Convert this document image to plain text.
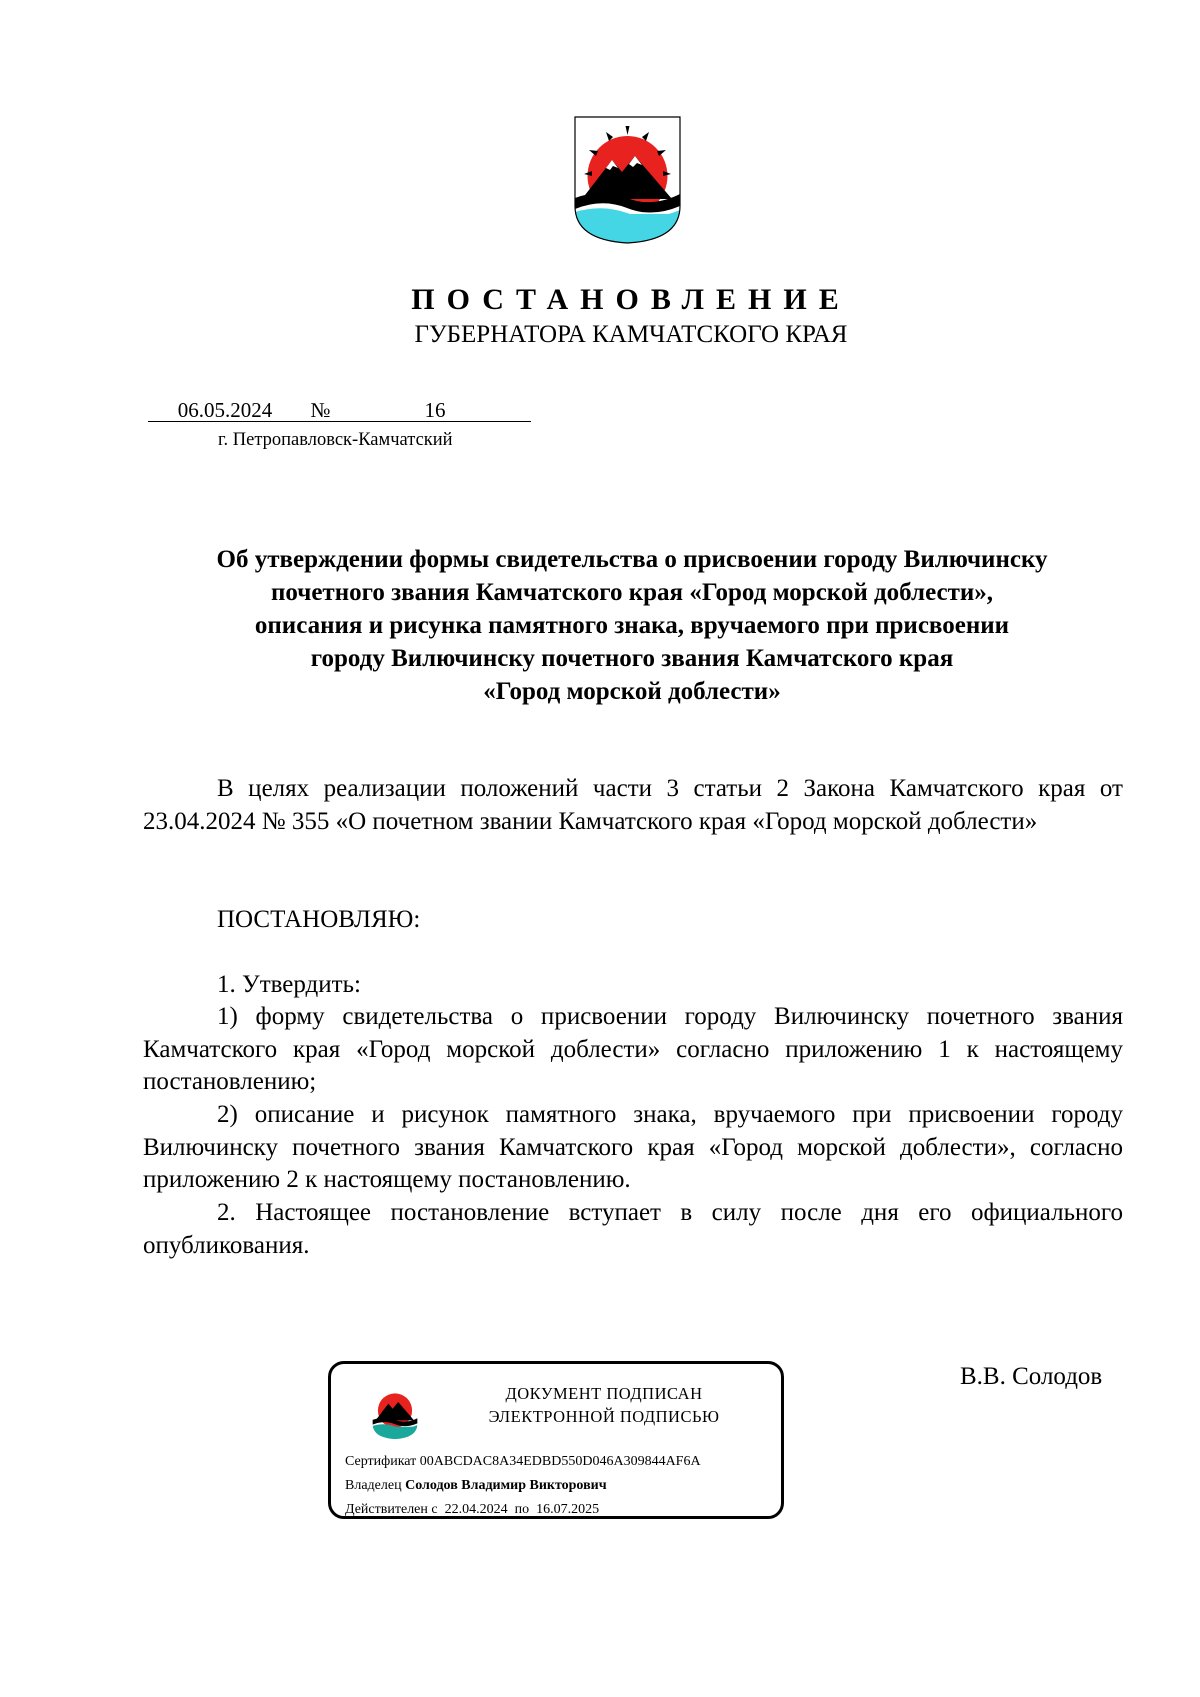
ПОСТАНОВЛЕНИЕ
ГУБЕРНАТОРА КАМЧАТСКОГО КРАЯ
06.05.2024 №	16
г. Петропавловск-Камчатский
Об утверждении формы свидетельства о присвоении городу Вилючинску
почетного звания Камчатского края «Город морской доблести»,
описания и рисунка памятного знака, вручаемого при присвоении
городу Вилючинску почетного звания Камчатского края
«Город морской доблести»
В целях реализации положений части 3 статьи 2 Закона Камчатского края от 23.04.2024 № 355 «О почетном звании Камчатского края «Город морской доблести»
ПОСТАНОВЛЯЮ:
1. Утвердить:
1) форму свидетельства о присвоении городу Вилючинску почетного звания Камчатского края «Город морской доблести» согласно приложению 1 к настоящему постановлению;
2) описание и рисунок памятного знака, вручаемого при присвоении городу Вилючинску почетного звания Камчатского края «Город морской доблести», согласно приложению 2 к настоящему постановлению.
2. Настоящее постановление вступает в силу после дня его официального опубликования.
ДОКУМЕНТ ПОДПИСАН
ЭЛЕКТРОННОЙ ПОДПИСЬЮ
Сертификат 00ABCDAC8A34EDBD550D046A309844AF6A
Владелец Солодов Владимир Викторович
Действителен с 22.04.2024 по 16.07.2025
В.В. Солодов
